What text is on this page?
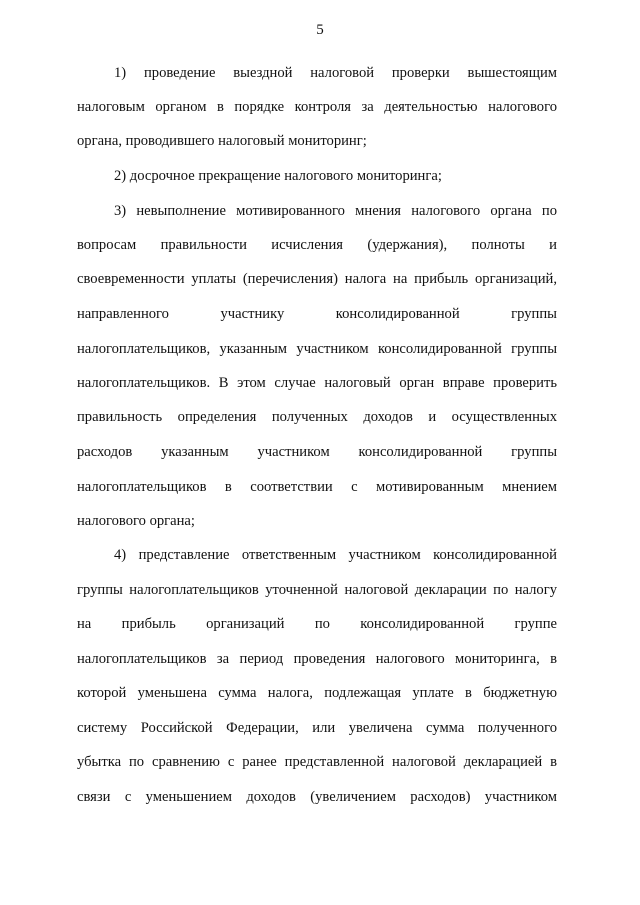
5
1) проведение выездной налоговой проверки вышестоящим
налоговым органом в порядке контроля за деятельностью налогового
органа, проводившего налоговый мониторинг;
2) досрочное прекращение налогового мониторинга;
3) невыполнение мотивированного мнения налогового органа по
вопросам правильности исчисления (удержания), полноты и
своевременности уплаты (перечисления) налога на прибыль организаций,
направленного участнику консолидированной группы
налогоплательщиков, указанным участником консолидированной группы
налогоплательщиков. В этом случае налоговый орган вправе проверить
правильность определения полученных доходов и осуществленных
расходов указанным участником консолидированной группы
налогоплательщиков в соответствии с мотивированным мнением
налогового органа;
4) представление ответственным участником консолидированной
группы налогоплательщиков уточненной налоговой декларации по налогу
на прибыль организаций по консолидированной группе
налогоплательщиков за период проведения налогового мониторинга, в
которой уменьшена сумма налога, подлежащая уплате в бюджетную
систему Российской Федерации, или увеличена сумма полученного
убытка по сравнению с ранее представленной налоговой декларацией в
связи с уменьшением доходов (увеличением расходов) участником
